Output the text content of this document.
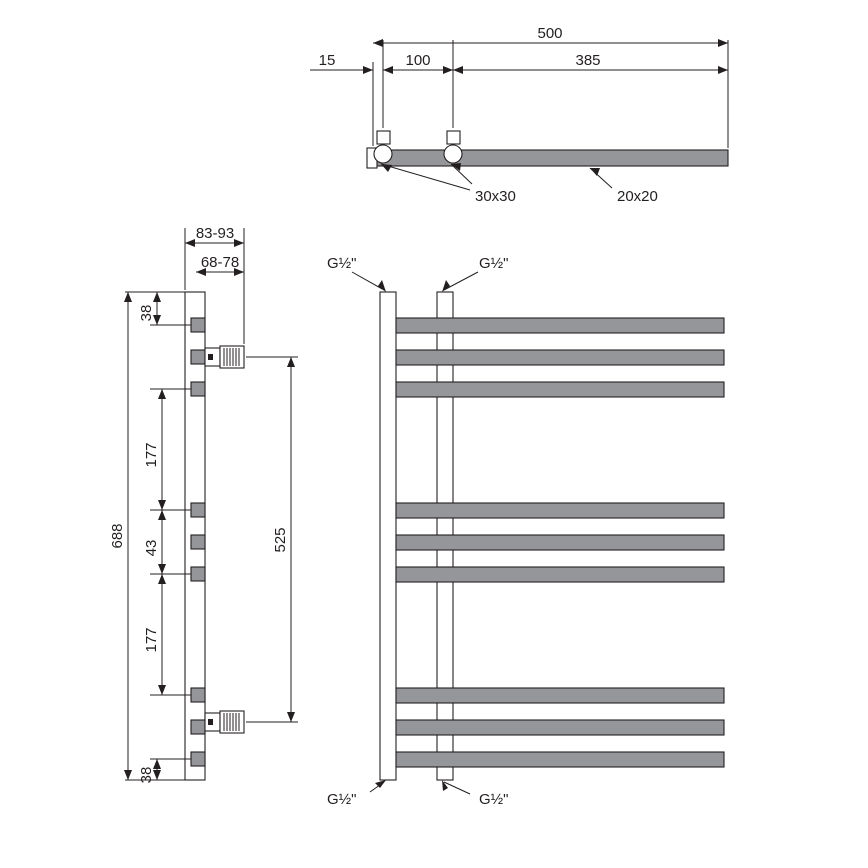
500
15	100	385
30x30	20x20
83-93
68-78
38
177
43
177
38
688	525
G½"	G½"
G½"	G½"
